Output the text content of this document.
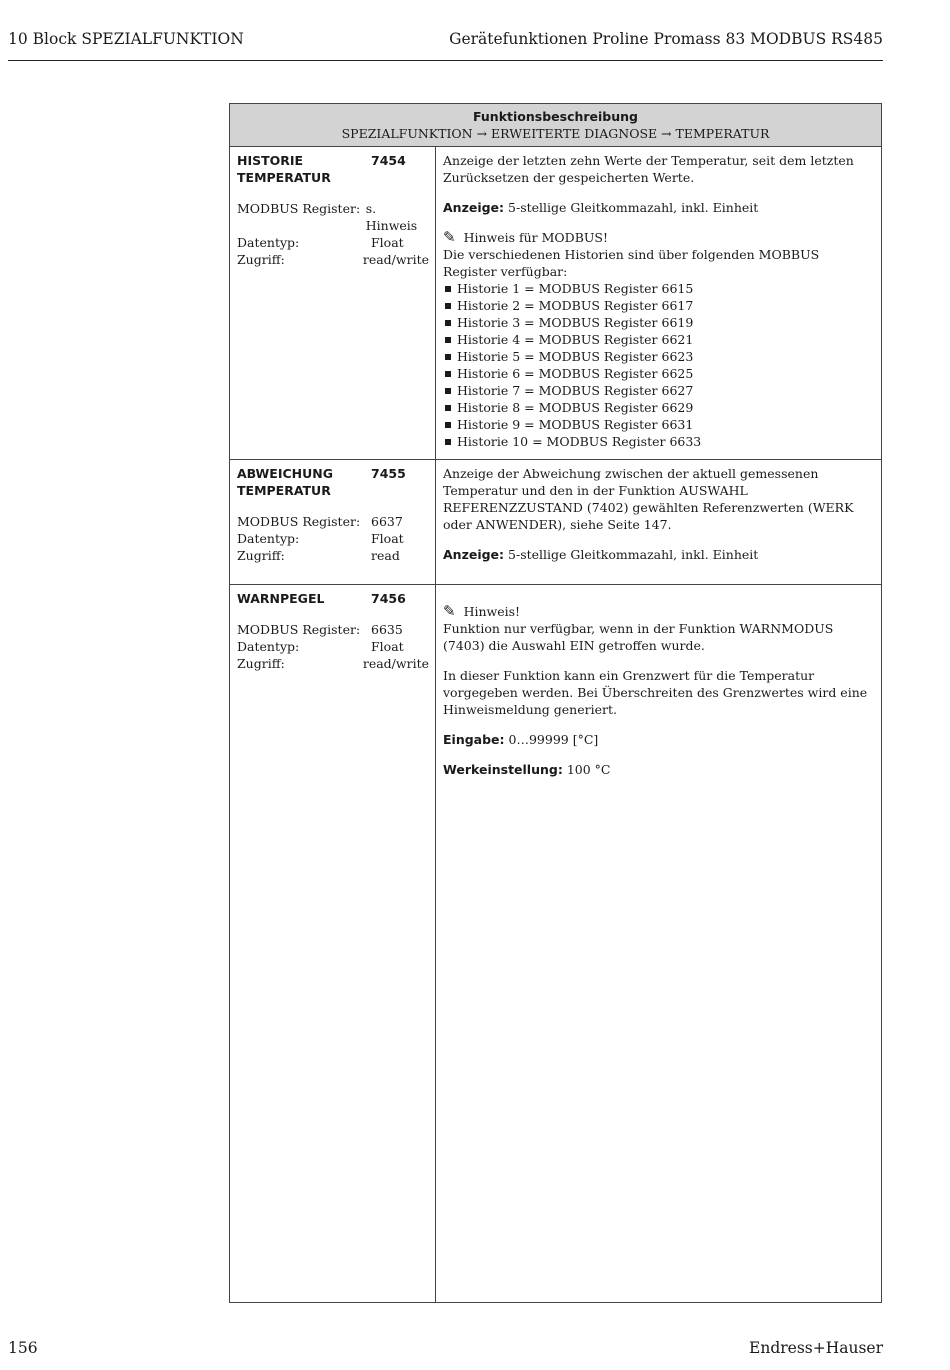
10 Block SPEZIALFUNKTION	Gerätefunktionen Proline Promass 83 MODBUS RS485
Funktionsbeschreibung
SPEZIALFUNKTION → ERWEITERTE DIAGNOSE → TEMPERATUR
HISTORIE TEMPERATUR
7454
MODBUS Register: s. Hinweis
Datentyp:	Float
Zugriff:	read/write

Anzeige der letzten zehn Werte der Temperatur, seit dem letzten Zurücksetzen der gespeicherten Werte.

Anzeige: 5-stellige Gleitkommazahl, inkl. Einheit

✎ Hinweis für MODBUS!

Die verschiedenen Historien sind über folgenden MOBBUS Register verfügbar:

Historie 1 = MODBUS Register 6615
Historie 2 = MODBUS Register 6617
Historie 3 = MODBUS Register 6619
Historie 4 = MODBUS Register 6621
Historie 5 = MODBUS Register 6623
Historie 6 = MODBUS Register 6625
Historie 7 = MODBUS Register 6627
Historie 8 = MODBUS Register 6629
Historie 9 = MODBUS Register 6631
Historie 10 = MODBUS Register 6633
ABWEICHUNG TEMPERATUR
7455
MODBUS Register: 6637
Datentyp:	Float
Zugriff:	read

Anzeige der Abweichung zwischen der aktuell gemessenen Temperatur und den in der Funktion AUSWAHL REFERENZZUSTAND (7402) gewählten Referenzwerten (WERK oder ANWENDER), siehe Seite 147.

Anzeige: 5-stellige Gleitkommazahl, inkl. Einheit

WARNPEGEL	7456
MODBUS Register: 6635
Datentyp:	Float
Zugriff:	read/write
✎ Hinweis!

Funktion nur verfügbar, wenn in der Funktion WARNMODUS (7403) die Auswahl EIN getroffen wurde.

In dieser Funktion kann ein Grenzwert für die Temperatur vorgegeben werden. Bei Überschreiten des Grenzwertes wird eine Hinweismeldung generiert.

Eingabe: 0…99999 [°C]

Werkeinstellung: 100 °C

156	Endress+Hauser
